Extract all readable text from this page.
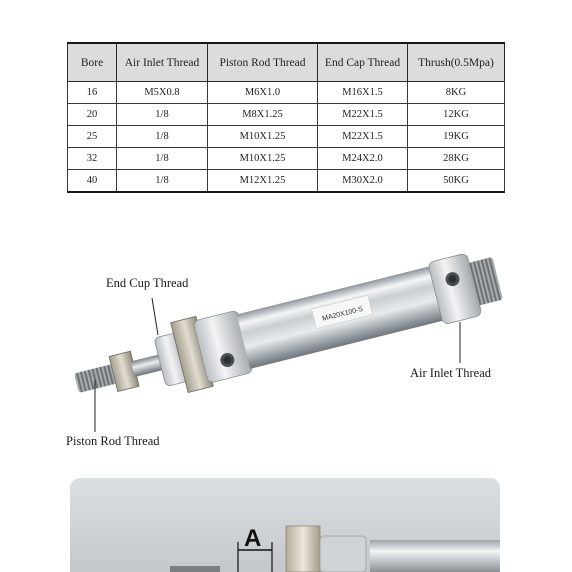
Bore	Air Inlet Thread	Piston Rod Thread	End Cap Thread	Thrush(0.5Mpa)
16	M5X0.8	M6X1.0	M16X1.5	8KG
20	1/8	M8X1.25	M22X1.5	12KG
25	1/8	M10X1.25	M22X1.5	19KG
32	1/8	M10X1.25	M24X2.0	28KG
40	1/8	M12X1.25	M30X2.0	50KG
MA20X100-S
End Cup Thread
Air Inlet Thread
Piston Rod Thread
A
